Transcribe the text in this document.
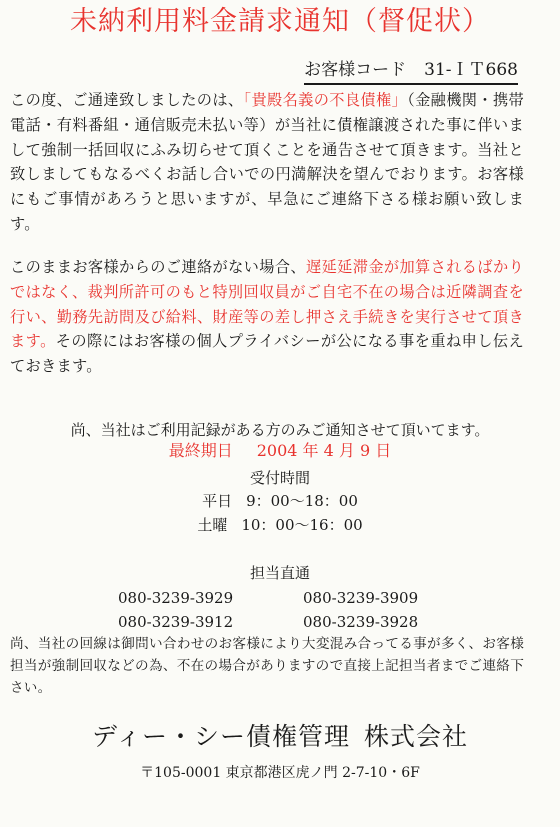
未納利用料金請求通知（督促状）
お客様コード 31-ＩＴ668
この度、ご通達致しましたのは、「貴殿名義の不良債権」（金融機関・携帯電話・有料番組・通信販売未払い等）が当社に債権譲渡された事に伴いまして強制一括回収にふみ切らせて頂くことを通告させて頂きます。当社と致しましてもなるべくお話し合いでの円満解決を望んでおります。お客様にもご事情があろうと思いますが、早急にご連絡下さる様お願い致します。
このままお客様からのご連絡がない場合、遅延延滞金が加算されるばかりではなく、裁判所許可のもと特別回収員がご自宅不在の場合は近隣調査を行い、勤務先訪問及び給料、財産等の差し押さえ手続きを実行させて頂きます。その際にはお客様の個人プライバシーが公になる事を重ね申し伝えておきます。
尚、当社はご利用記録がある方のみご通知させて頂いてます。
最終期日 2004 年 4 月 9 日
受付時間
平日 9：00〜18：00
土曜 10：00〜16：00
担当直通
080-3239-3929	080-3239-3909
080-3239-3912	080-3239-3928
尚、当社の回線は御問い合わせのお客様により大変混み合ってる事が多く、お客様担当が強制回収などの為、不在の場合がありますので直接上記担当者までご連絡下さい。
ディー・シー債権管理 株式会社
〒105-0001 東京都港区虎ノ門 2-7-10・6F
